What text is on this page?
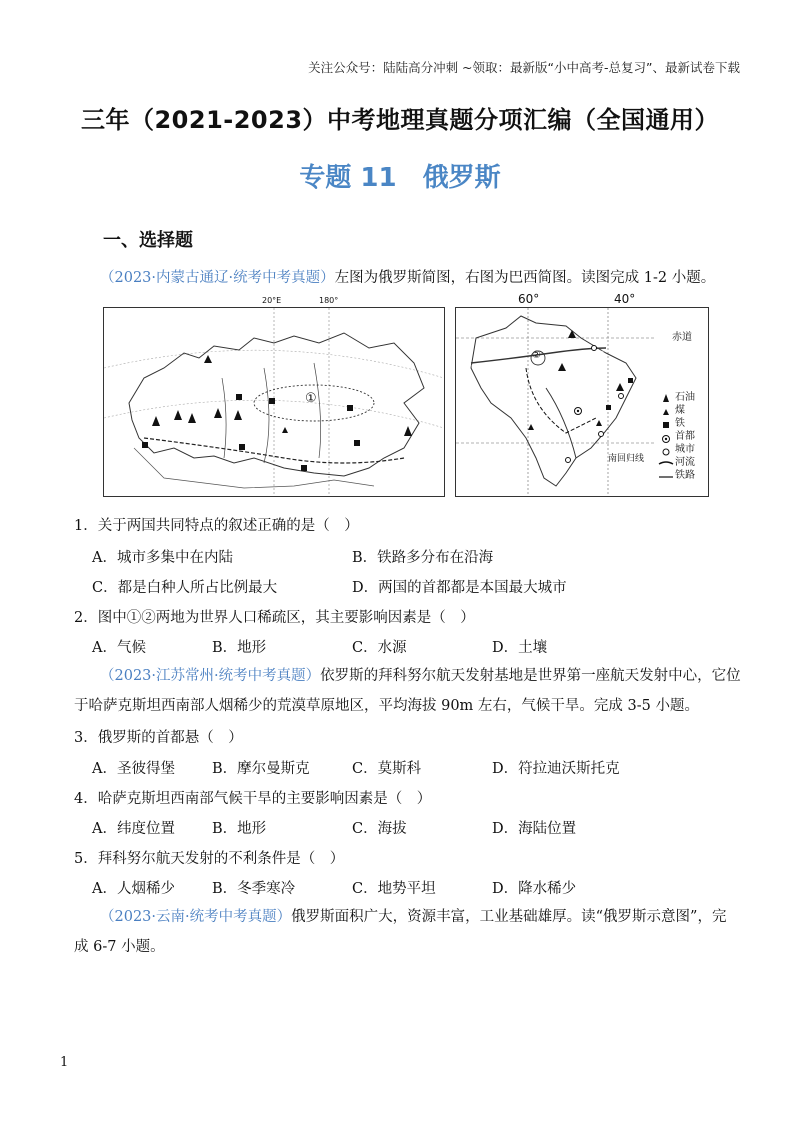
关注公众号：陆陆高分冲刺 ~领取：最新版“小中高考-总复习”、最新试卷下载
三年（2021-2023）中考地理真题分项汇编（全国通用）
专题 11　俄罗斯
一、选择题
（2023·内蒙古通辽·统考中考真题）左图为俄罗斯简图，右图为巴西简图。读图完成 1-2 小题。
20°E	180°
①
60°	40°
赤道
南回归线
②
石油
煤
铁
首都
城市
河流
铁路
1．关于两国共同特点的叙述正确的是（　）
A．城市多集中在内陆	B．铁路多分布在沿海
C．都是白种人所占比例最大	D．两国的首都都是本国最大城市
2．图中①②两地为世界人口稀疏区，其主要影响因素是（　）
A．气候	B．地形	C．水源	D．土壤
（2023·江苏常州·统考中考真题）依罗斯的拜科努尔航天发射基地是世界第一座航天发射中心，它位
于哈萨克斯坦西南部人烟稀少的荒漠草原地区，平均海拔 90m 左右，气候干旱。完成 3-5 小题。
3．俄罗斯的首都悬（　）
A．圣彼得堡	B．摩尔曼斯克	C．莫斯科	D．符拉迪沃斯托克
4．哈萨克斯坦西南部气候干旱的主要影响因素是（　）
A．纬度位置	B．地形	C．海拔	D．海陆位置
5．拜科努尔航天发射的不利条件是（　）
A．人烟稀少	B．冬季寒冷	C．地势平坦	D．降水稀少
（2023·云南·统考中考真题）俄罗斯面积广大，资源丰富，工业基础雄厚。读“俄罗斯示意图”，完
成 6-7 小题。
1
